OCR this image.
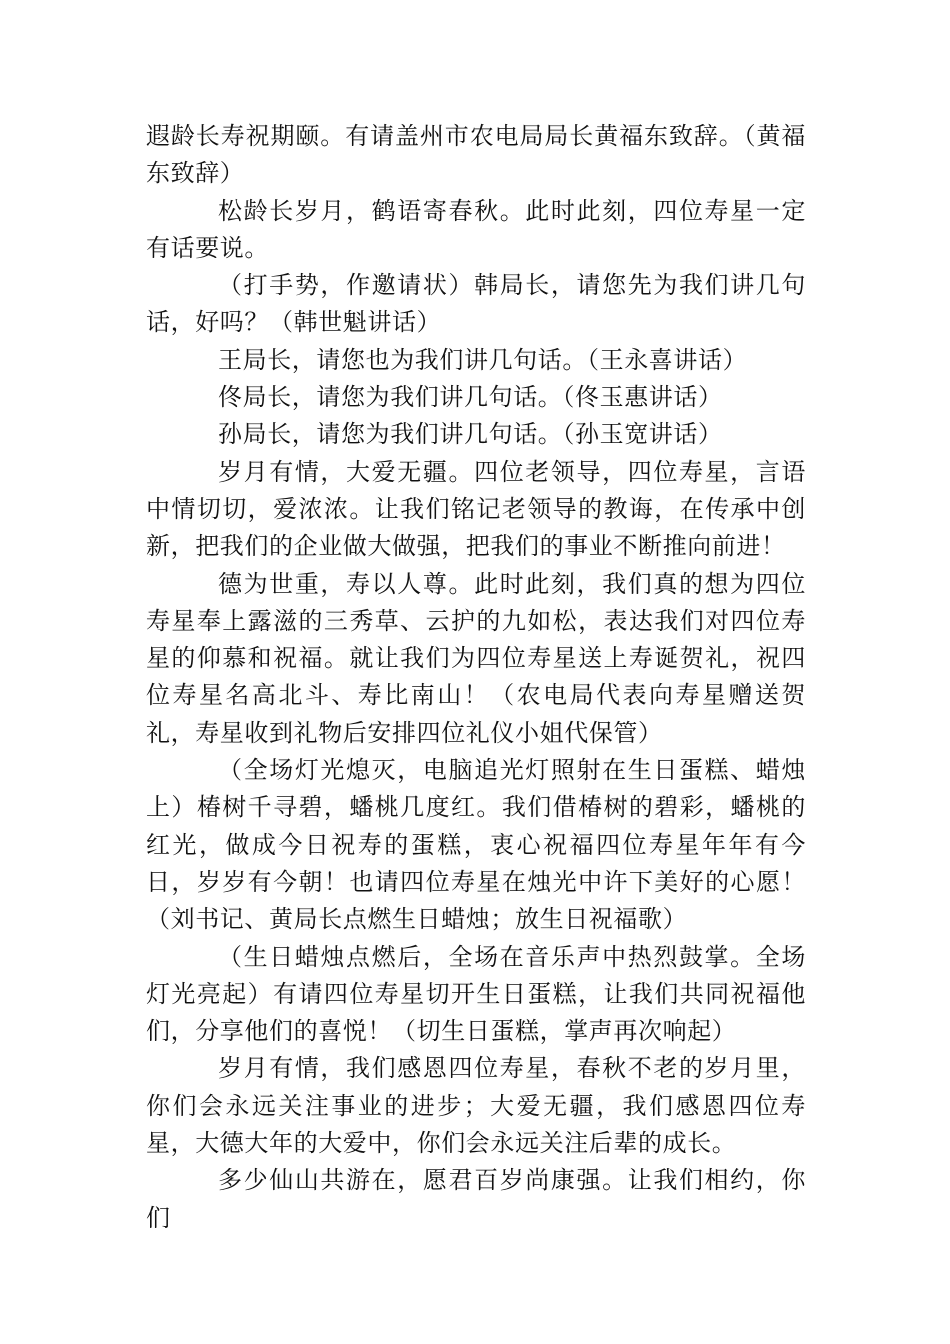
遐龄长寿祝期颐。有请盖州市农电局局长黄福东致辞。（黄福东致辞）

松龄长岁月，鹤语寄春秋。此时此刻，四位寿星一定有话要说。

（打手势，作邀请状）韩局长，请您先为我们讲几句话，好吗？（韩世魁讲话）

王局长，请您也为我们讲几句话。（王永喜讲话）

佟局长，请您为我们讲几句话。（佟玉惠讲话）

孙局长，请您为我们讲几句话。（孙玉宽讲话）

岁月有情，大爱无疆。四位老领导，四位寿星，言语中情切切，爱浓浓。让我们铭记老领导的教诲，在传承中创新，把我们的企业做大做强，把我们的事业不断推向前进！

德为世重，寿以人尊。此时此刻，我们真的想为四位寿星奉上露滋的三秀草、云护的九如松，表达我们对四位寿星的仰慕和祝福。就让我们为四位寿星送上寿诞贺礼，祝四位寿星名高北斗、寿比南山！（农电局代表向寿星赠送贺礼，寿星收到礼物后安排四位礼仪小姐代保管）

（全场灯光熄灭，电脑追光灯照射在生日蛋糕、蜡烛上）椿树千寻碧，蟠桃几度红。我们借椿树的碧彩，蟠桃的红光，做成今日祝寿的蛋糕，衷心祝福四位寿星年年有今日，岁岁有今朝！也请四位寿星在烛光中许下美好的心愿！（刘书记、黄局长点燃生日蜡烛；放生日祝福歌）

（生日蜡烛点燃后，全场在音乐声中热烈鼓掌。全场灯光亮起）有请四位寿星切开生日蛋糕，让我们共同祝福他们，分享他们的喜悦！（切生日蛋糕，掌声再次响起）

岁月有情，我们感恩四位寿星，春秋不老的岁月里，你们会永远关注事业的进步；大爱无疆，我们感恩四位寿星，大德大年的大爱中，你们会永远关注后辈的成长。

多少仙山共游在，愿君百岁尚康强。让我们相约，你们
